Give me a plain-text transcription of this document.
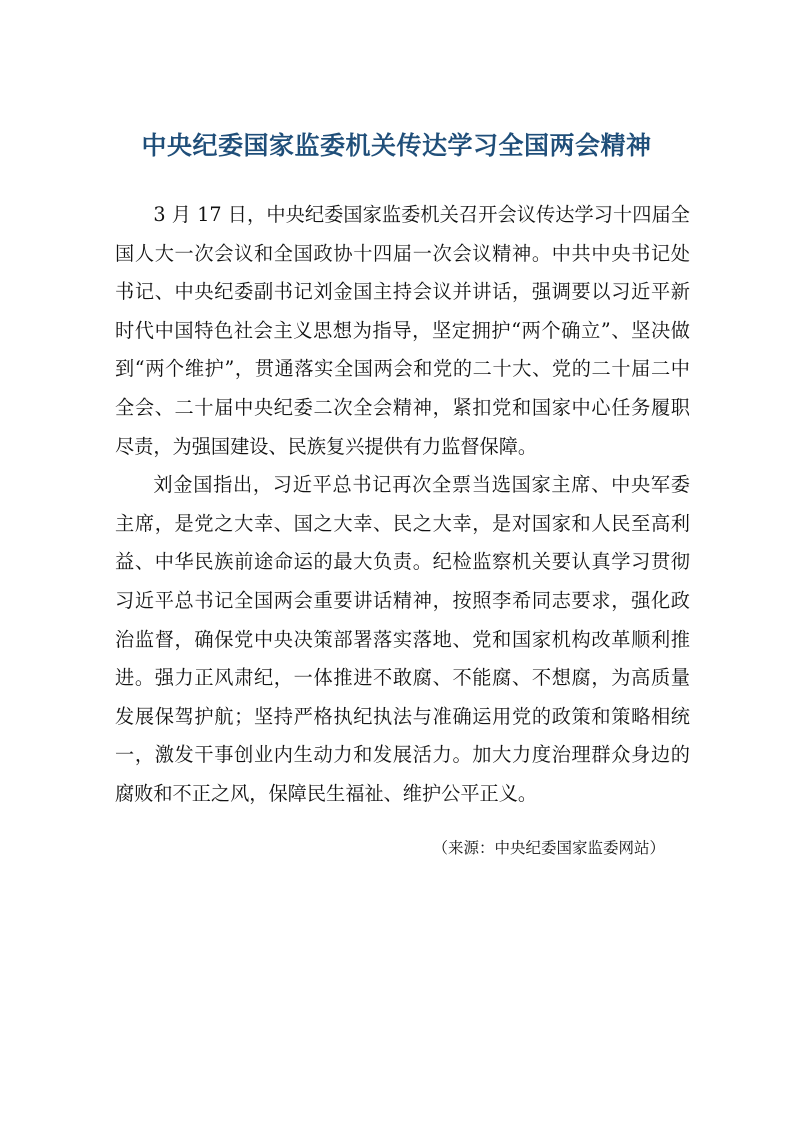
中央纪委国家监委机关传达学习全国两会精神

3 月 17 日，中央纪委国家监委机关召开会议传达学习十四届全国人大一次会议和全国政协十四届一次会议精神。中共中央书记处书记、中央纪委副书记刘金国主持会议并讲话，强调要以习近平新时代中国特色社会主义思想为指导，坚定拥护“两个确立”、坚决做到“两个维护”，贯通落实全国两会和党的二十大、党的二十届二中全会、二十届中央纪委二次全会精神，紧扣党和国家中心任务履职尽责，为强国建设、民族复兴提供有力监督保障。

刘金国指出，习近平总书记再次全票当选国家主席、中央军委主席，是党之大幸、国之大幸、民之大幸，是对国家和人民至高利益、中华民族前途命运的最大负责。纪检监察机关要认真学习贯彻习近平总书记全国两会重要讲话精神，按照李希同志要求，强化政治监督，确保党中央决策部署落实落地、党和国家机构改革顺利推进。强力正风肃纪，一体推进不敢腐、不能腐、不想腐，为高质量发展保驾护航；坚持严格执纪执法与准确运用党的政策和策略相统一，激发干事创业内生动力和发展活力。加大力度治理群众身边的腐败和不正之风，保障民生福祉、维护公平正义。

（来源：中央纪委国家监委网站）
